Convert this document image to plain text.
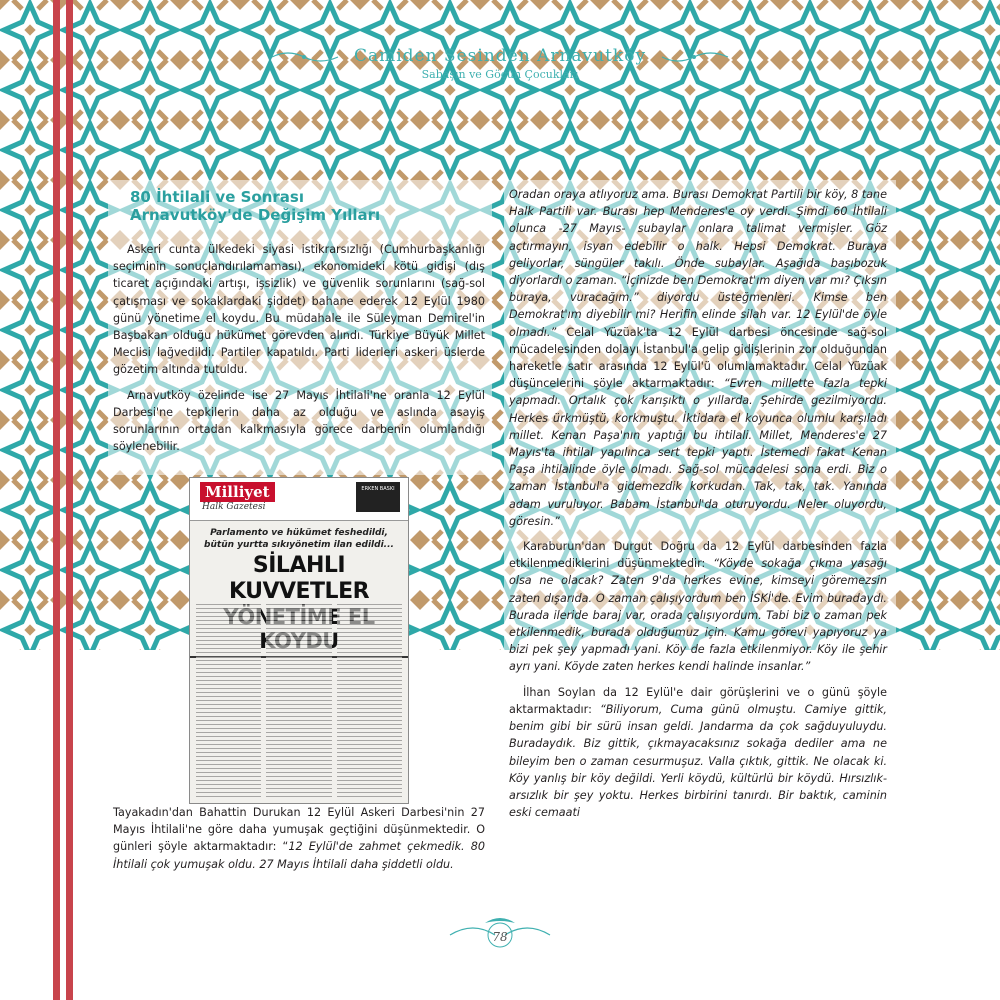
Camiden Sesinden Arnavutköy
Sabaşın ve Göçün Çocukları
80 İhtilali ve Sonrası
Arnavutköy'de Değişim Yılları

Askeri cunta ülkedeki siyasi istikrarsızlığı (Cumhurbaşkanlığı seçiminin sonuçlandırılamaması), ekonomideki kötü gidişi (dış ticaret açığındaki artışı, işsizlik) ve güvenlik sorunlarını (sağ-sol çatışması ve sokaklardaki şiddet) bahane ederek 12 Eylül 1980 günü yönetime el koydu. Bu müdahale ile Süleyman Demirel'in Başbakan olduğu hükümet görevden alındı. Türkiye Büyük Millet Meclisi lağvedildi. Partiler kapatıldı. Parti liderleri askeri üslerde gözetim altında tutuldu.

Arnavutköy özelinde ise 27 Mayıs İhtilali'ne oranla 12 Eylül Darbesi'ne tepkilerin daha az olduğu ve aslında asayiş sorunlarının ortadan kalkmasıyla görece darbenin olumlandığı söylenebilir.

Milliyet
Halk Gazetesi
ERKEN BASKI
Parlamento ve hükümet feshedildi, bütün yurtta sıkıyönetim ilan edildi...
SİLAHLI KUVVETLER

Tayakadın'dan Bahattin Durukan 12 Eylül Askeri Darbesi'nin 27 Mayıs İhtilali'ne göre daha yumuşak geçtiğini düşünmektedir. O günleri şöyle aktarmaktadır: “12 Eylül'de zahmet çekmedik. 80 İhtilali çok yumuşak oldu. 27 Mayıs İhtilali daha şiddetli oldu.

Oradan oraya atlıyoruz ama. Burası Demokrat Partili bir köy, 8 tane Halk Partili var. Burası hep Menderes'e oy verdi. Şimdi 60 İhtilali olunca -27 Mayıs- subaylar onlara talimat vermişler. Göz açtırmayın, isyan edebilir o halk. Hepsi Demokrat. Buraya geliyorlar, süngüler takılı. Önde subaylar. Aşağıda başıbozuk diyorlardı o zaman. “İçinizde ben Demokrat'ım diyen var mı? Çıksın buraya, vuracağım.” diyordu üsteğmenleri. Kimse ben Demokrat'ım diyebilir mi? Herifin elinde silah var. 12 Eylül'de öyle olmadı.” Celal Yüzüak'ta 12 Eylül darbesi öncesinde sağ-sol mücadelesinden dolayı İstanbul'a gelip gidişlerinin zor olduğundan hareketle satır arasında 12 Eylül'ü olumlamaktadır. Celal Yüzüak düşüncelerini şöyle aktarmaktadır: “Evren millette fazla tepki yapmadı. Ortalık çok karışıktı o yıllarda. Şehirde gezilmiyordu. Herkes ürkmüştü, korkmuştu. İktidara el koyunca olumlu karşıladı millet. Kenan Paşa'nın yaptığı bu ihtilali. Millet, Menderes'e 27 Mayıs'ta ihtilal yapılınca sert tepki yaptı. İstemedi fakat Kenan Paşa ihtilalinde öyle olmadı. Sağ-sol mücadelesi sona erdi. Biz o zaman İstanbul'a gidemezdik korkudan. Tak, tak, tak. Yanında adam vuruluyor. Babam İstanbul'da oturuyordu. Neler oluyordu, göresin.”

Karaburun'dan Durgut Doğru da 12 Eylül darbesinden fazla etkilenmediklerini düşünmektedir: “Köyde sokağa çıkma yasağı olsa ne olacak? Zaten 9'da herkes evine, kimseyi göremezsin zaten dışarıda. O zaman çalışıyordum ben İSKİ'de. Evim buradaydı. Burada ileride baraj var, orada çalışıyordum. Tabi biz o zaman pek etkilenmedik, burada olduğumuz için. Kamu görevi yapıyoruz ya bizi pek şey yapmadı yani. Köy de fazla etkilenmiyor. Köy ile şehir ayrı yani. Köyde zaten herkes kendi halinde insanlar.”

İlhan Soylan da 12 Eylül'e dair görüşlerini ve o günü şöyle aktarmaktadır: “Biliyorum, Cuma günü olmuştu. Camiye gittik, benim gibi bir sürü insan geldi. Jandarma da çok sağduyuluydu. Buradaydık. Biz gittik, çıkmayacaksınız sokağa dediler ama ne bileyim ben o zaman cesurmuşuz. Valla çıktık, gittik. Ne olacak ki. Köy yanlış bir köy değildi. Yerli köydü, kültürlü bir köydü. Hırsızlık-arsızlık bir şey yoktu. Herkes birbirini tanırdı. Bir baktık, caminin eski cemaati

78
